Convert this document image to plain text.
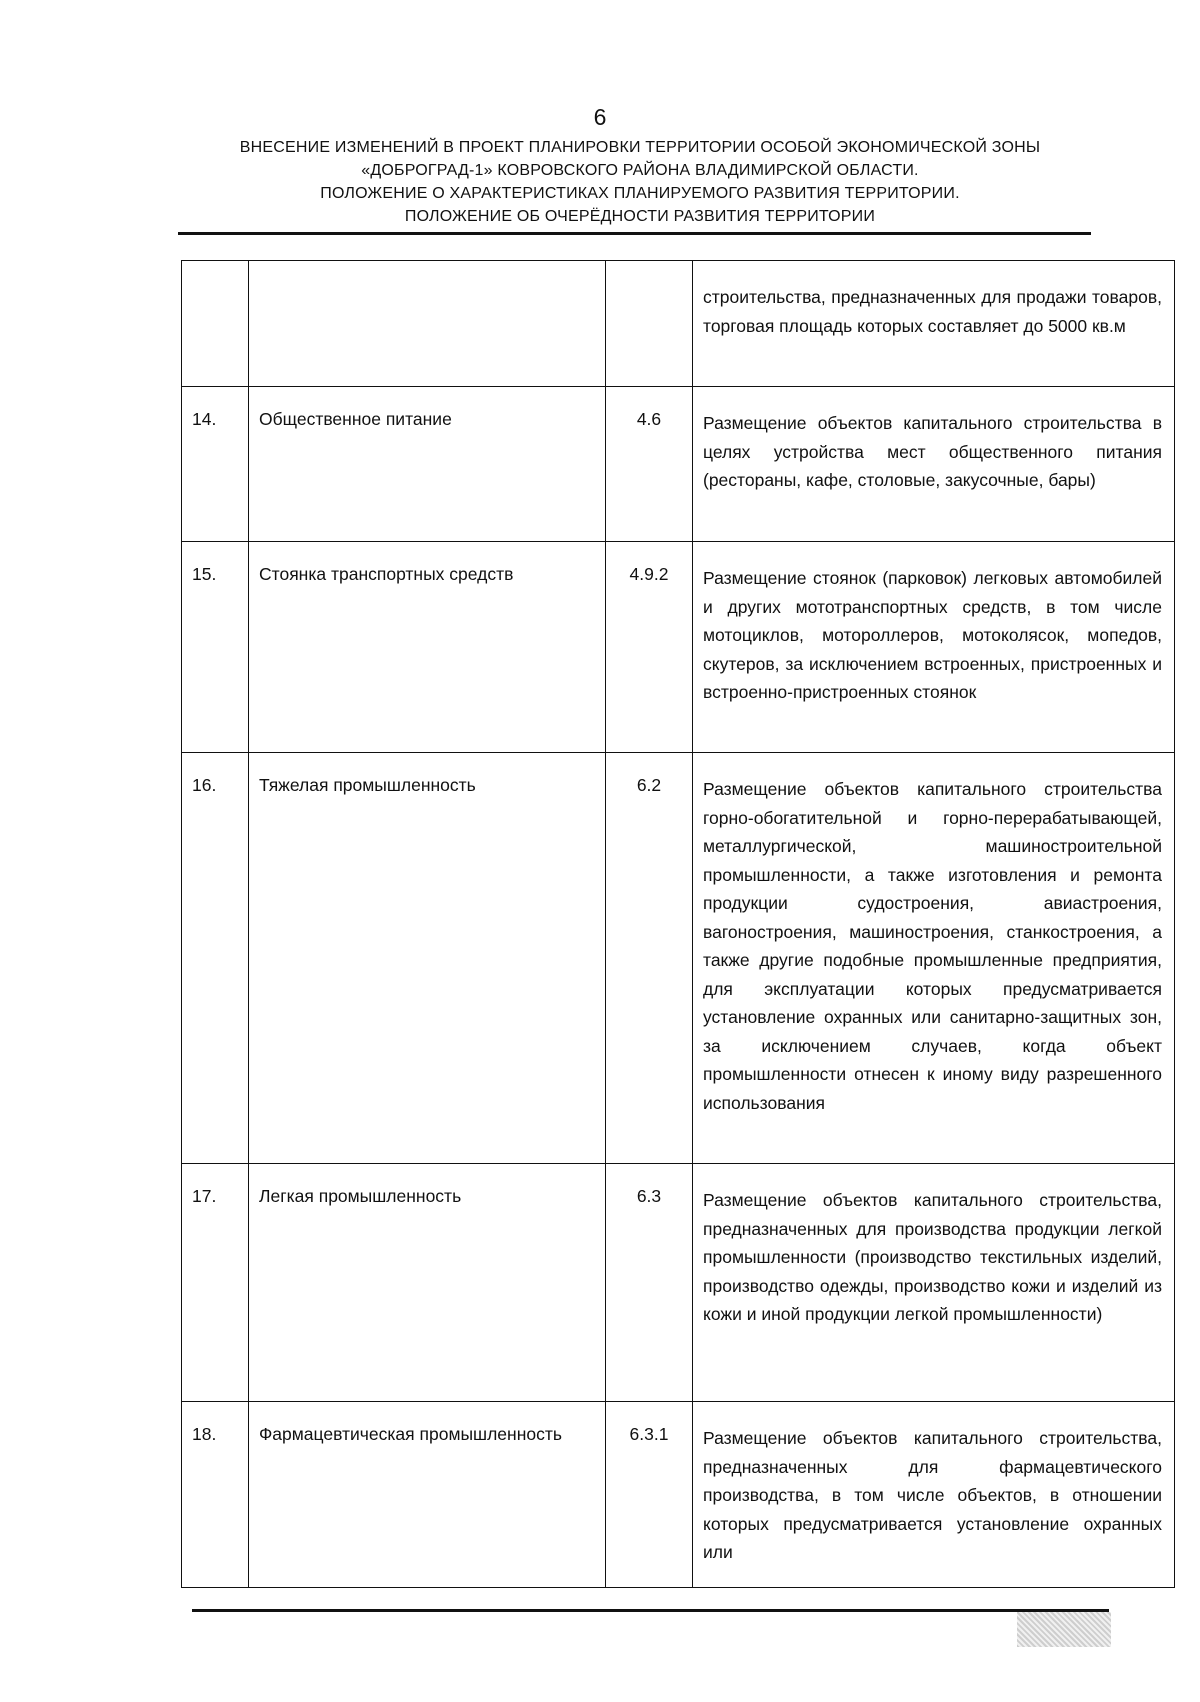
6
ВНЕСЕНИЕ ИЗМЕНЕНИЙ В ПРОЕКТ ПЛАНИРОВКИ ТЕРРИТОРИИ ОСОБОЙ ЭКОНОМИЧЕСКОЙ ЗОНЫ
«ДОБРОГРАД-1» КОВРОВСКОГО РАЙОНА ВЛАДИМИРСКОЙ ОБЛАСТИ.
ПОЛОЖЕНИЕ О ХАРАКТЕРИСТИКАХ ПЛАНИРУЕМОГО РАЗВИТИЯ ТЕРРИТОРИИ.
ПОЛОЖЕНИЕ ОБ ОЧЕРЁДНОСТИ РАЗВИТИЯ ТЕРРИТОРИИ
			строительства, предназначенных для продажи товаров, торговая площадь которых составляет до 5000 кв.м
14.	Общественное питание	4.6	Размещение объектов капитального строительства в целях устройства мест общественного питания (рестораны, кафе, столовые, закусочные, бары)
15.	Стоянка транспортных средств	4.9.2	Размещение стоянок (парковок) легковых автомобилей и других мототранспортных средств, в том числе мотоциклов, мотороллеров, мотоколясок, мопедов, скутеров, за исключением встроенных, пристроенных и встроенно-пристроенных стоянок
16.	Тяжелая промышленность	6.2	Размещение объектов капитального строительства горно-обогатительной и горно-перерабатывающей, металлургической, машиностроительной промышленности, а также изготовления и ремонта продукции судостроения, авиастроения, вагоностроения, машиностроения, станкостроения, а также другие подобные промышленные предприятия, для эксплуатации которых предусматривается установление охранных или санитарно-защитных зон, за исключением случаев, когда объект промышленности отнесен к иному виду разрешенного использования
17.	Легкая промышленность	6.3	Размещение объектов капитального строительства, предназначенных для производства продукции легкой промышленности (производство текстильных изделий, производство одежды, производство кожи и изделий из кожи и иной продукции легкой промышленности)
18.	Фармацевтическая промышленность	6.3.1	Размещение объектов капитального строительства, предназначенных для фармацевтического производства, в том числе объектов, в отношении которых предусматривается установление охранных или
